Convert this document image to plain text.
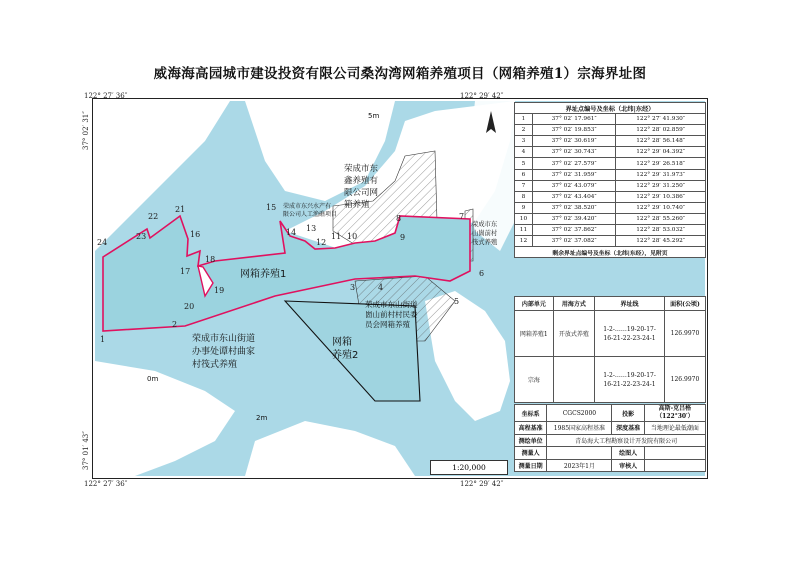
威海海高园城市建设投资有限公司桑沟湾网箱养殖项目（网箱养殖1）宗海界址图
122° 27′ 36″	122° 29′ 42″
122° 27′ 36″	122° 29′ 42″
37° 02′ 31″
37° 01′ 43″
网箱养殖1
网箱
养殖2
荣成市东山街道
办事处谭村曲家
村筏式养殖
荣成市东山街道
崮山前村村民委
员会网箱养殖
荣成市东兴水产有
限公司人工渔礁项目
荣成市东
鑫养殖有
限公司网
箱养殖
荣成市东
山崮前村
筏式养殖
5m
0m
2m
1
2
3	4
5
6
7
8
9
10
11
12
13
14
15
16
17
18
19
20
21
22
23
24
界址点编号及坐标（北纬|东经）		
1	37° 02′ 17.961″	122° 27′ 41.930″
2	37° 02′ 19.853″	122° 28′ 02.859″
3	37° 02′ 30.619″	122° 28′ 56.148″
4	37° 02′ 30.743″	122° 29′ 04.392″
5	37° 02′ 27.579″	122° 29′ 26.518″
6	37° 02′ 31.959″	122° 29′ 31.973″
7	37° 02′ 43.079″	122° 29′ 31.250″
8	37° 02′ 43.404″	122° 29′ 10.386″
9	37° 02′ 38.520″	122° 29′ 10.740″
10	37° 02′ 39.420″	122° 28′ 55.260″
11	37° 02′ 37.862″	122° 28′ 53.032″
12	37° 02′ 37.082″	122° 28′ 45.292″
剩余界址点编号及坐标（北纬|东经），见附页		
内部单元	用海方式	界址线	面积(公顷)
网箱养殖1	开放式养殖	1-2-……19-20-17-
16-21-22-23-24-1	126.9970
宗海		1-2-……19-20-17-
16-21-22-23-24-1	126.9970
坐标系	CGCS2000	投影	高斯-克吕格
（122°30′）
高程基准	1985国家高程基准	深度基准	当地理论最低潮面
测绘单位	青岛海大工程勘察设计开发院有限公司		
测量人		绘图人	
测量日期	2023年1月	审核人	
1:20,000
